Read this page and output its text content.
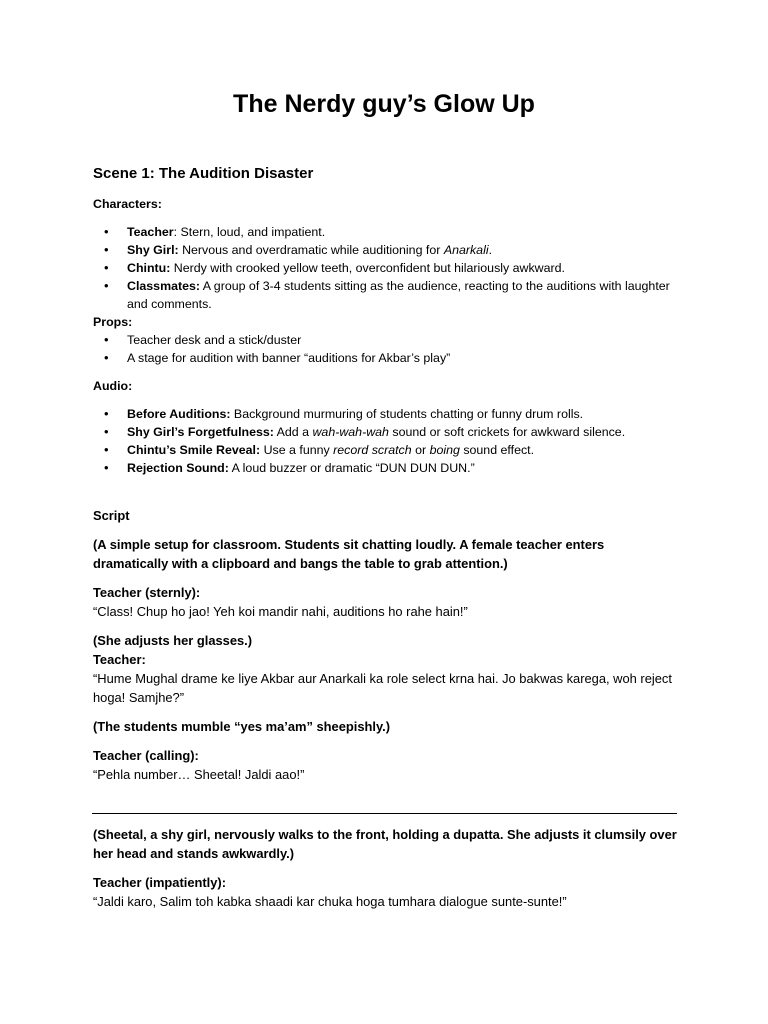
The Nerdy guy’s Glow Up
Scene 1: The Audition Disaster
Characters:
• Teacher: Stern, loud, and impatient.
• Shy Girl: Nervous and overdramatic while auditioning for Anarkali.
• Chintu: Nerdy with crooked yellow teeth, overconfident but hilariously awkward.
• Classmates: A group of 3-4 students sitting as the audience, reacting to the auditions with laughter and comments.
Props:
• Teacher desk and a stick/duster
• A stage for audition with banner “auditions for Akbar’s play”
Audio:
• Before Auditions: Background murmuring of students chatting or funny drum rolls.
• Shy Girl’s Forgetfulness: Add a wah-wah-wah sound or soft crickets for awkward silence.
• Chintu’s Smile Reveal: Use a funny record scratch or boing sound effect.
• Rejection Sound: A loud buzzer or dramatic “DUN DUN DUN.”
Script
(A simple setup for classroom. Students sit chatting loudly. A female teacher enters dramatically with a clipboard and bangs the table to grab attention.)
Teacher (sternly):
“Class! Chup ho jao! Yeh koi mandir nahi, auditions ho rahe hain!”
(She adjusts her glasses.)
Teacher:
“Hume Mughal drame ke liye Akbar aur Anarkali ka role select krna hai. Jo bakwas karega, woh reject hoga! Samjhe?”
(The students mumble “yes ma’am” sheepishly.)
Teacher (calling):
“Pehla number… Sheetal! Jaldi aao!”
(Sheetal, a shy girl, nervously walks to the front, holding a dupatta. She adjusts it clumsily over her head and stands awkwardly.)
Teacher (impatiently):
“Jaldi karo, Salim toh kabka shaadi kar chuka hoga tumhara dialogue sunte-sunte!”
